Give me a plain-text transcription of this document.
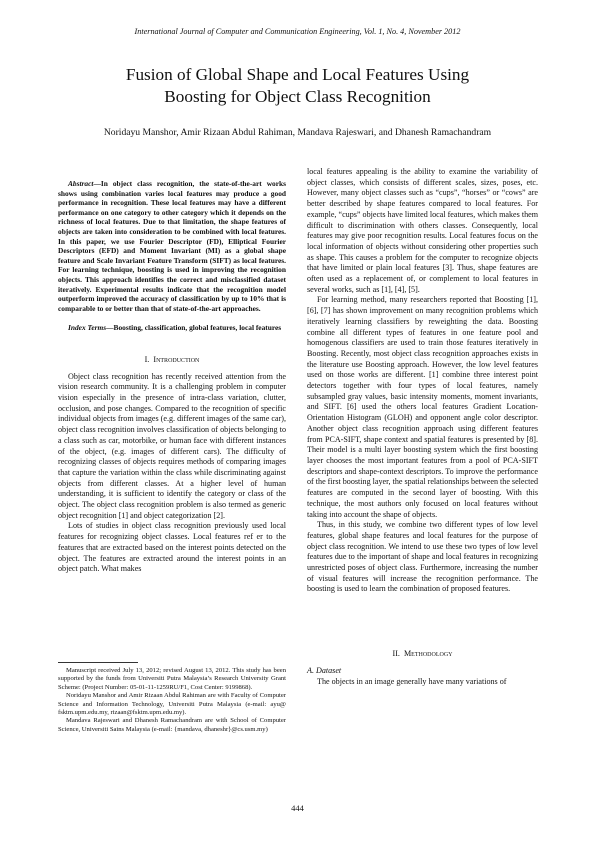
International Journal of Computer and Communication Engineering, Vol. 1, No. 4, November 2012
Fusion of Global Shape and Local Features Using
Boosting for Object Class Recognition
Noridayu Manshor, Amir Rizaan Abdul Rahiman, Mandava Rajeswari, and Dhanesh Ramachandram

Abstract—In object class recognition, the state-of-the-art works shows using combination varies local features may produce a good performance in recognition. These local features may have a different performance on one category to other category which it depends on the richness of local features. Due to that limitation, the shape features of objects are taken into consideration to be combined with local features. In this paper, we use Fourier Descriptor (FD), Elliptical Fourier Descriptors (EFD) and Moment Invariant (MI) as a global shape feature and Scale Invariant Feature Transform (SIFT) as local features. For learning technique, boosting is used in improving the recognition objects. This approach identifies the correct and misclassified dataset iteratively. Experimental results indicate that the recognition model outperform improved the accuracy of classification by up to 10% that is comparable to or better than that of state-of-the-art approaches.

Index Terms—Boosting, classification, global features, local features

I. Introduction

Object class recognition has recently received attention from the vision research community. It is a challenging problem in computer vision especially in the presence of intra-class variation, clutter, occlusion, and pose changes. Compared to the recognition of specific individual objects from images (e.g. different images of the same car), object class recognition involves classification of objects belonging to a class such as car, motorbike, or human face with different instances of the object, (e.g. images of different cars). The difficulty of recognizing classes of objects requires methods of comparing images that capture the variation within the class while discriminating against objects from different classes. At a higher level of human understanding, it is sufficient to identify the category or class of the object. The object class recognition problem is also termed as generic object recognition [1] and object categorization [2].

Lots of studies in object class recognition previously used local features for recognizing object classes. Local features ref er to the features that are extracted based on the interest points detected on the object. The features are extracted around the interest points in an object patch. What makes

Manuscript received July 13, 2012; revised August 13, 2012. This study has been supported by the funds from Universiti Putra Malaysia’s Research University Grant Scheme: (Project Number: 05-01-11-1259RU/F1, Cost Center: 9199868).

Noridayu Manshor and Amir Rizaan Abdul Rahiman are with Faculty of Computer Science and Information Technology, Universiti Putra Malaysia (e-mail: ayu@ fsktm.upm.edu.my, rizaan@fsktm.upm.edu.my).

Mandava Rajeswari and Dhanesh Ramachandram are with School of Computer Science, Universiti Sains Malaysia (e-mail: {mandava, dhaneshr}@cs.usm.my)

local features appealing is the ability to examine the variability of object classes, which consists of different scales, sizes, poses, etc. However, many object classes such as “cups”, “horses” or “cows” are better described by shape features compared to local features. For example, “cups” objects have limited local features, which makes them difficult to discrimination with others classes. Consequently, local features may give poor recognition results. Local features focus on the local information of objects without considering other properties such as shape. This causes a problem for the computer to recognize objects that have limited or plain local features [3]. Thus, shape features are often used as a replacement of, or complement to local features in several works, such as [1], [4], [5].

For learning method, many researchers reported that Boosting [1], [6], [7] has shown improvement on many recognition problems which iteratively learning classifiers by reweighting the data. Boosting combine all different types of features in one feature pool and homogenous classifiers are used to train those features iteratively in Boosting. Recently, most object class recognition approaches exists in the literature use Boosting approach. However, the low level features used on those works are different. [1] combine three interest point detectors together with four types of local features, namely subsampled gray values, basic intensity moments, moment invariants, and SIFT. [6] used the others local features Gradient Location-Orientation Histogram (GLOH) and opponent angle color descriptor. Another object class recognition approach using different features from PCA-SIFT, shape context and spatial features is presented by [8]. Their model is a multi layer boosting system which the first boosting layer chooses the most important features from a pool of PCA-SIFT descriptors and shape-context descriptors. To improve the performance of the first boosting layer, the spatial relationships between the selected features are computed in the second layer of boosting. With this technique, the most authors only focused on local features without taking into account the shape of objects.

Thus, in this study, we combine two different types of low level features, global shape features and local features for the purpose of object class recognition. We intend to use these two types of low level features due to the important of shape and local features in recognizing unrestricted poses of object class. Furthermore, increasing the number of visual features will increase the recognition performance. The boosting is used to learn the combination of proposed features.

II. Methodology

A. Dataset

The objects in an image generally have many variations of

444
